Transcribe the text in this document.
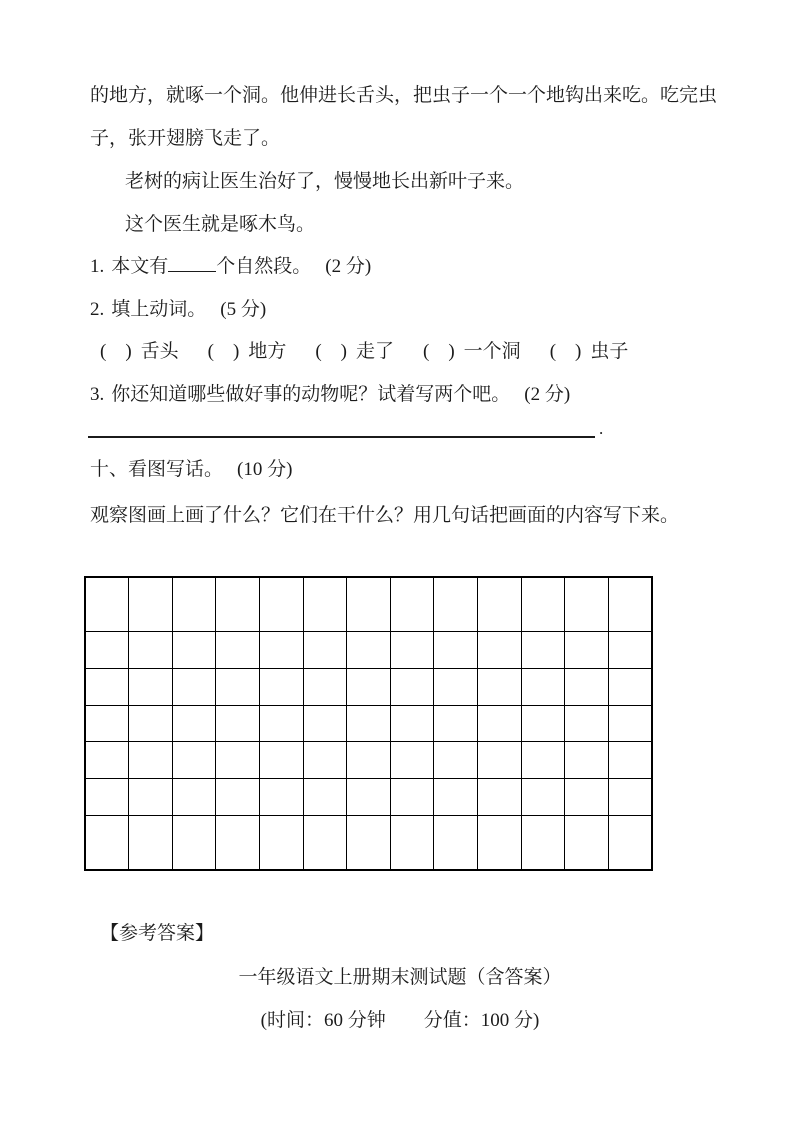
的地方，就啄一个洞。他伸进长舌头，把虫子一个一个地钩出来吃。吃完虫

子，张开翅膀飞走了。

老树的病让医生治好了，慢慢地长出新叶子来。

这个医生就是啄木鸟。

1. 本文有	个自然段。 (2 分)

2. 填上动词。 (5 分)

(　) 舌头 (　) 地方 (　) 走了 (　) 一个洞 (　) 虫子

3. 你还知道哪些做好事的动物呢？试着写两个吧。 (2 分)

.

十、看图写话。 (10 分)

观察图画上画了什么？它们在干什么？用几句话把画面的内容写下来。

【参考答案】

一年级语文上册期末测试题（含答案）

(时间：60 分钟　　分值：100 分)
